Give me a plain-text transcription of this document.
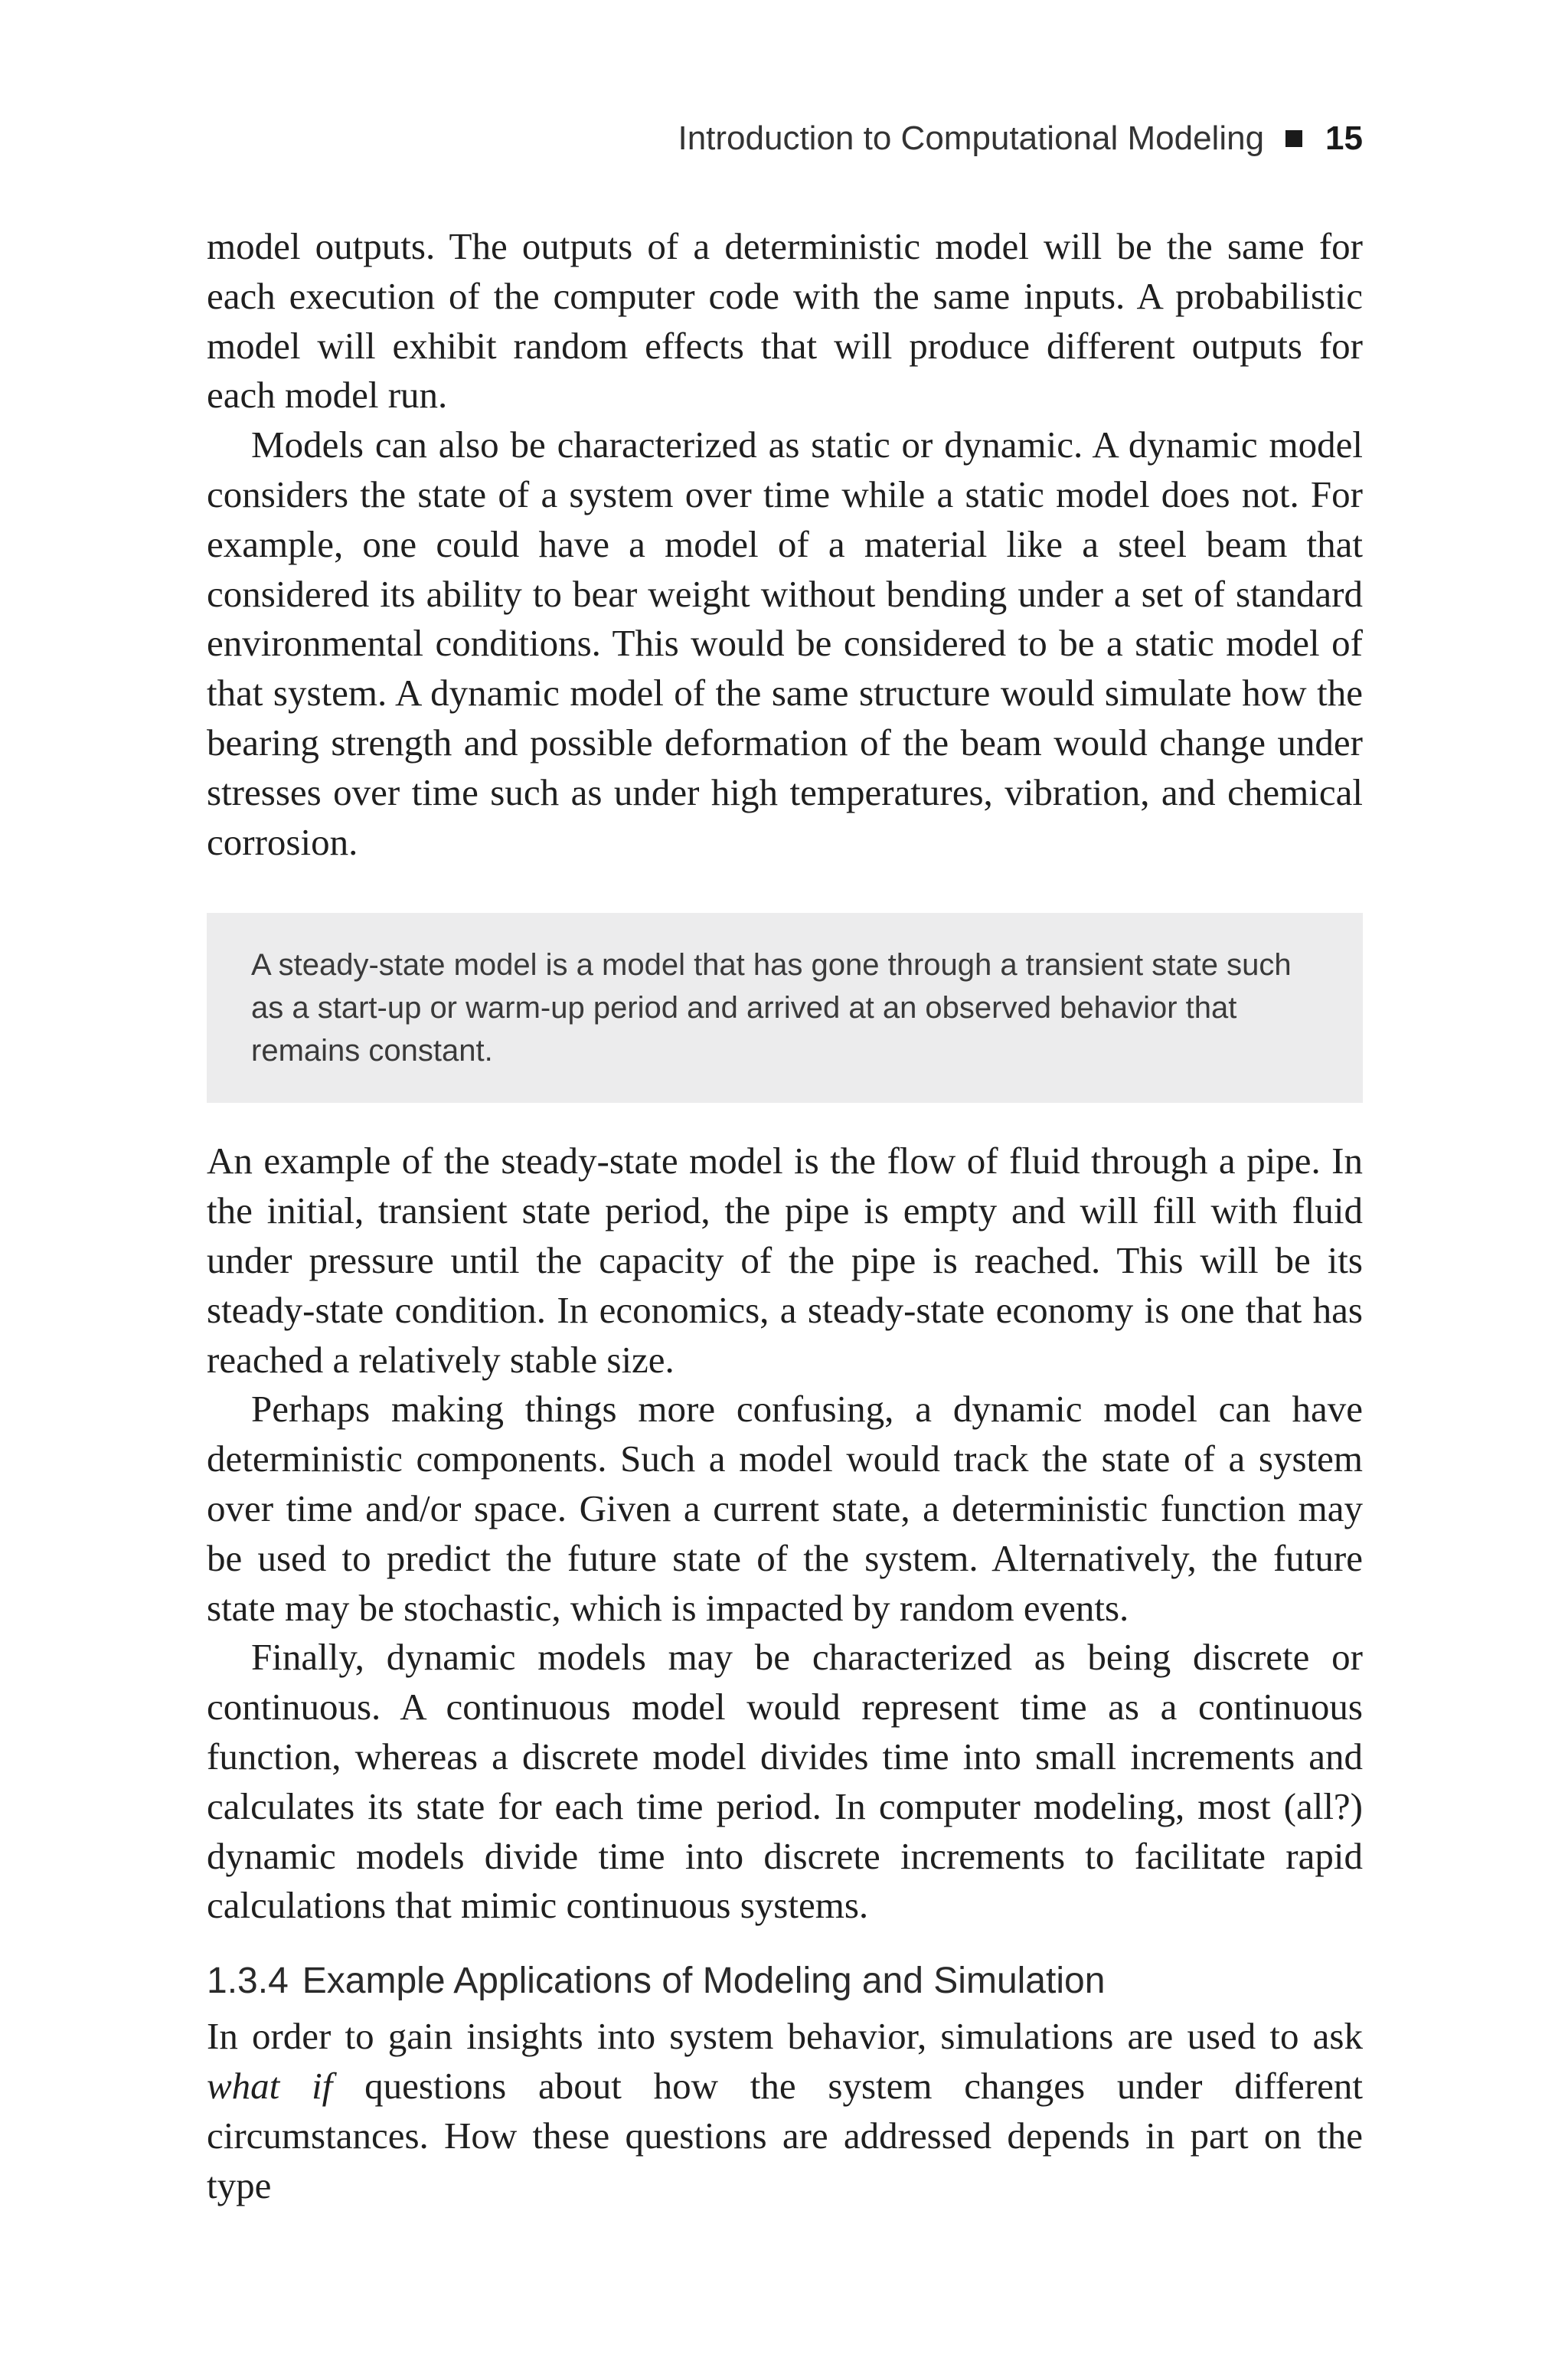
Introduction to Computational Modeling 15

model outputs. The outputs of a deterministic model will be the same for each execution of the computer code with the same inputs. A probabilistic model will exhibit random effects that will produce different outputs for each model run.

Models can also be characterized as static or dynamic. A dynamic model considers the state of a system over time while a static model does not. For example, one could have a model of a material like a steel beam that considered its ability to bear weight without bending under a set of standard environmental conditions. This would be considered to be a static model of that system. A dynamic model of the same structure would simulate how the bearing strength and possible deformation of the beam would change under stresses over time such as under high temperatures, vibration, and chemical corrosion.

A steady-state model is a model that has gone through a transient state such as a start-up or warm-up period and arrived at an observed behavior that remains constant.

An example of the steady-state model is the flow of fluid through a pipe. In the initial, transient state period, the pipe is empty and will fill with fluid under pressure until the capacity of the pipe is reached. This will be its steady-state condition. In economics, a steady-state economy is one that has reached a relatively stable size.

Perhaps making things more confusing, a dynamic model can have deterministic components. Such a model would track the state of a system over time and/or space. Given a current state, a deterministic function may be used to predict the future state of the system. Alternatively, the future state may be stochastic, which is impacted by random events.

Finally, dynamic models may be characterized as being discrete or continuous. A continuous model would represent time as a continuous function, whereas a discrete model divides time into small increments and calculates its state for each time period. In computer modeling, most (all?) dynamic models divide time into discrete increments to facilitate rapid calculations that mimic continuous systems.

1.3.4 Example Applications of Modeling and Simulation

In order to gain insights into system behavior, simulations are used to ask what if questions about how the system changes under different circumstances. How these questions are addressed depends in part on the type
